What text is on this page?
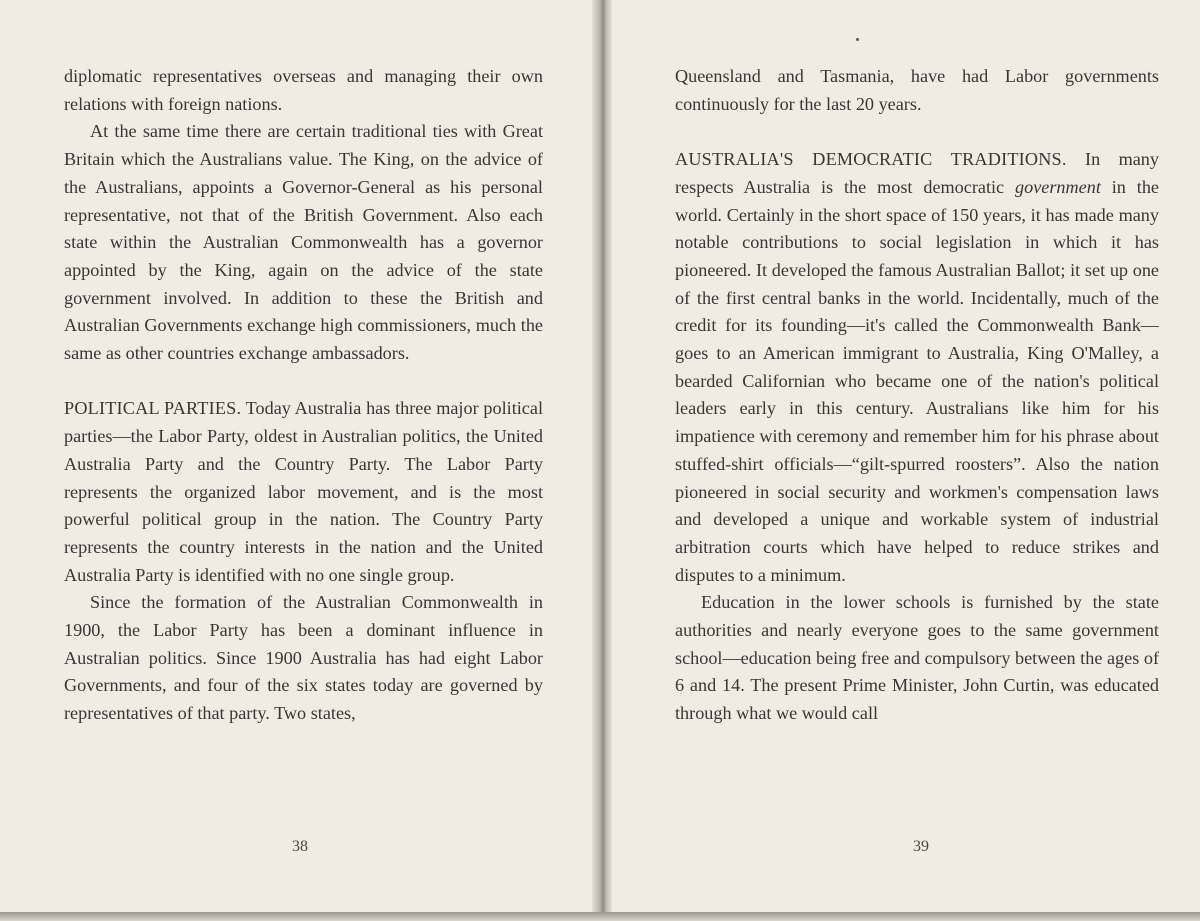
diplomatic representatives overseas and managing their own relations with foreign nations.

At the same time there are certain traditional ties with Great Britain which the Australians value. The King, on the advice of the Australians, appoints a Governor-General as his personal representative, not that of the British Government. Also each state within the Australian Commonwealth has a governor appointed by the King, again on the advice of the state government involved. In addition to these the British and Australian Governments exchange high commissioners, much the same as other countries exchange ambassadors.

POLITICAL PARTIES. Today Australia has three major political parties—the Labor Party, oldest in Australian politics, the United Australia Party and the Country Party. The Labor Party represents the organized labor movement, and is the most powerful political group in the nation. The Country Party represents the country interests in the nation and the United Australia Party is identified with no one single group.

Since the formation of the Australian Commonwealth in 1900, the Labor Party has been a dominant influence in Australian politics. Since 1900 Australia has had eight Labor Governments, and four of the six states today are governed by representatives of that party. Two states,

38

Queensland and Tasmania, have had Labor governments continuously for the last 20 years.

AUSTRALIA'S DEMOCRATIC TRADITIONS. In many respects Australia is the most democratic government in the world. Certainly in the short space of 150 years, it has made many notable contributions to social legislation in which it has pioneered. It developed the famous Australian Ballot; it set up one of the first central banks in the world. Incidentally, much of the credit for its founding—it's called the Commonwealth Bank—goes to an American immigrant to Australia, King O'Malley, a bearded Californian who became one of the nation's political leaders early in this century. Australians like him for his impatience with ceremony and remember him for his phrase about stuffed-shirt officials—“gilt-spurred roosters”. Also the nation pioneered in social security and workmen's compensation laws and developed a unique and workable system of industrial arbitration courts which have helped to reduce strikes and disputes to a minimum.

Education in the lower schools is furnished by the state authorities and nearly everyone goes to the same government school—education being free and compulsory between the ages of 6 and 14. The present Prime Minister, John Curtin, was educated through what we would call

39
